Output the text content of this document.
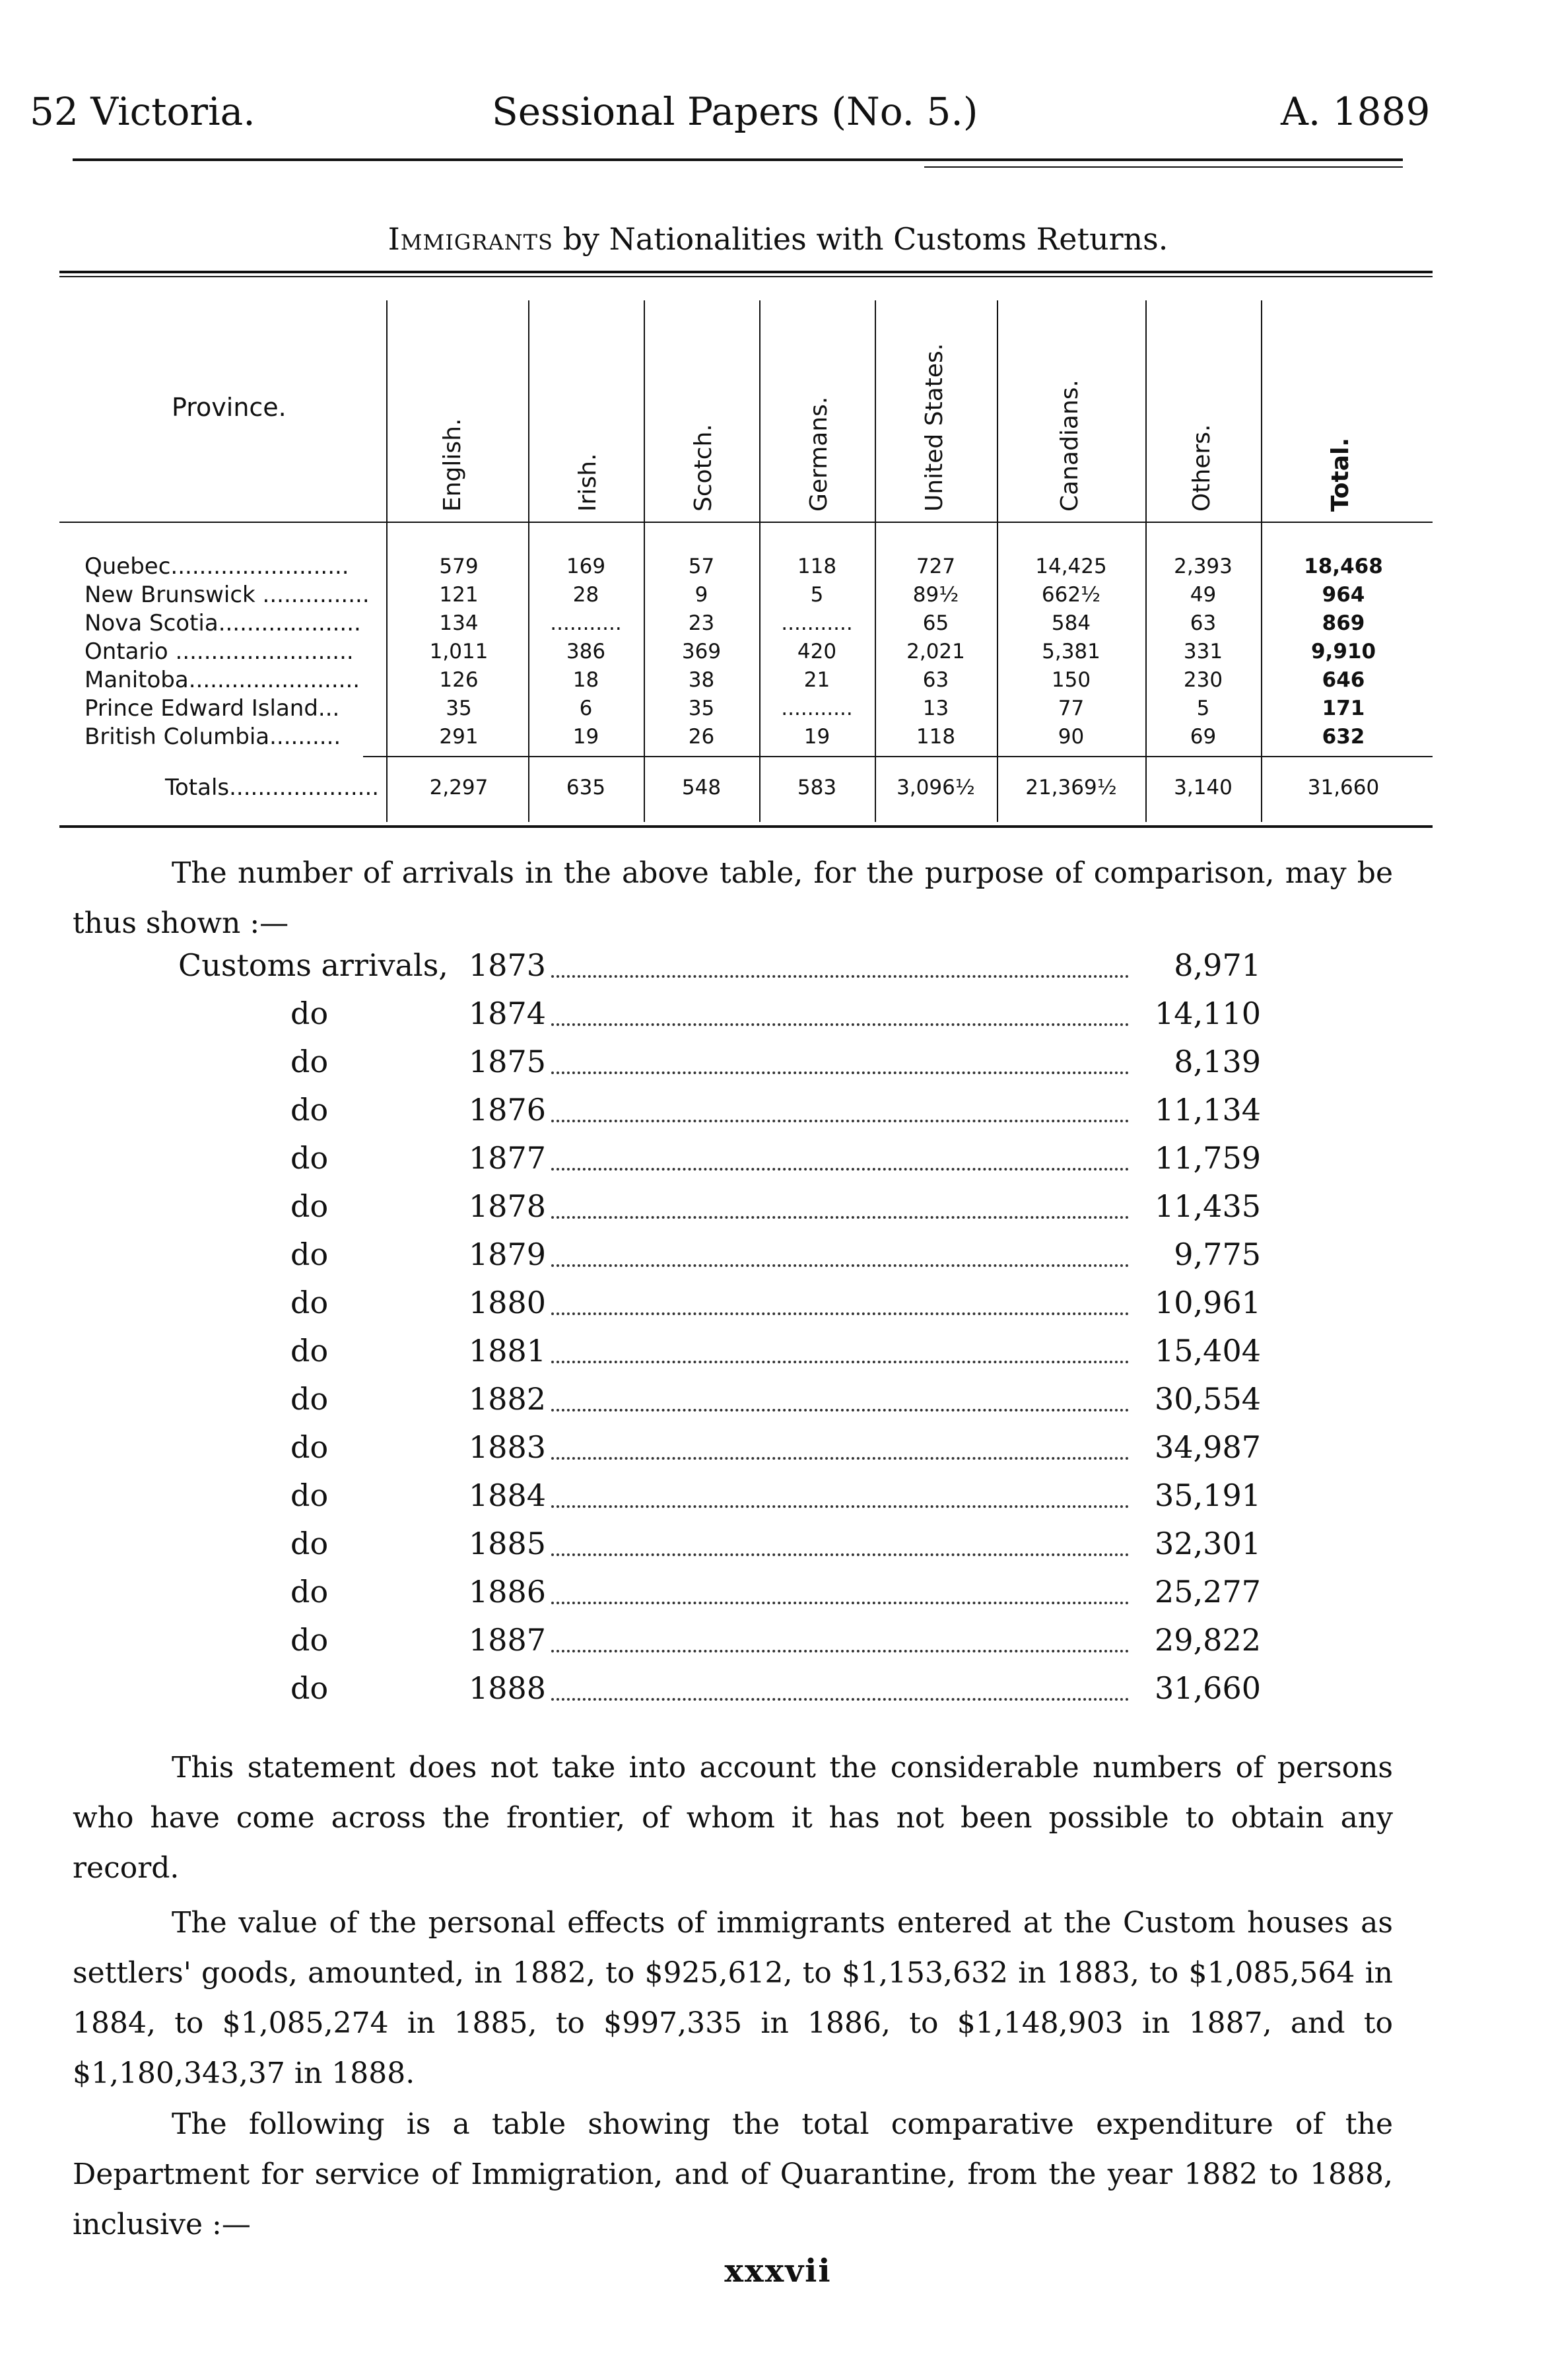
52 Victoria.	Sessional Papers (No. 5.)	A. 1889
Immigrants by Nationalities with Customs Returns.
Province.
English.	Irish.	Scotch.	Germans.	United States.	Canadians.	Others.	Total.
Quebec.........................	579	169	57	118	727	14,425	2,393	18,468
New Brunswick ...............	121	28	9	5	89½	662½	49	964
Nova Scotia....................	134	...........	23	...........	65	584	63	869
Ontario .........................	1,011	386	369	420	2,021	5,381	331	9,910
Manitoba........................	126	18	38	21	63	150	230	646
Prince Edward Island...	35	6	35	...........	13	77	5	171
British Columbia..........	291	19	26	19	118	90	69	632
Totals.....................	2,297	635	548	583	3,096½	21,369½	3,140	31,660

The number of arrivals in the above table, for the purpose of comparison, may be thus shown :—

Customs arrivals, 1873	8,971
do	1874	14,110
do	1875	8,139
do	1876	11,134
do	1877	11,759
do	1878	11,435
do	1879	9,775
do	1880	10,961
do	1881	15,404
do	1882	30,554
do	1883	34,987
do	1884	35,191
do	1885	32,301
do	1886	25,277
do	1887	29,822
do	1888	31,660

This statement does not take into account the considerable numbers of persons who have come across the frontier, of whom it has not been possible to obtain any record.

The value of the personal effects of immigrants entered at the Custom houses as settlers' goods, amounted, in 1882, to $925,612, to $1,153,632 in 1883, to $1,085,564 in 1884, to $1,085,274 in 1885, to $997,335 in 1886, to $1,148,903 in 1887, and to $1,180,343,37 in 1888.

The following is a table showing the total comparative expenditure of the Department for service of Immigration, and of Quarantine, from the year 1882 to 1888, inclusive :—

xxxvii
